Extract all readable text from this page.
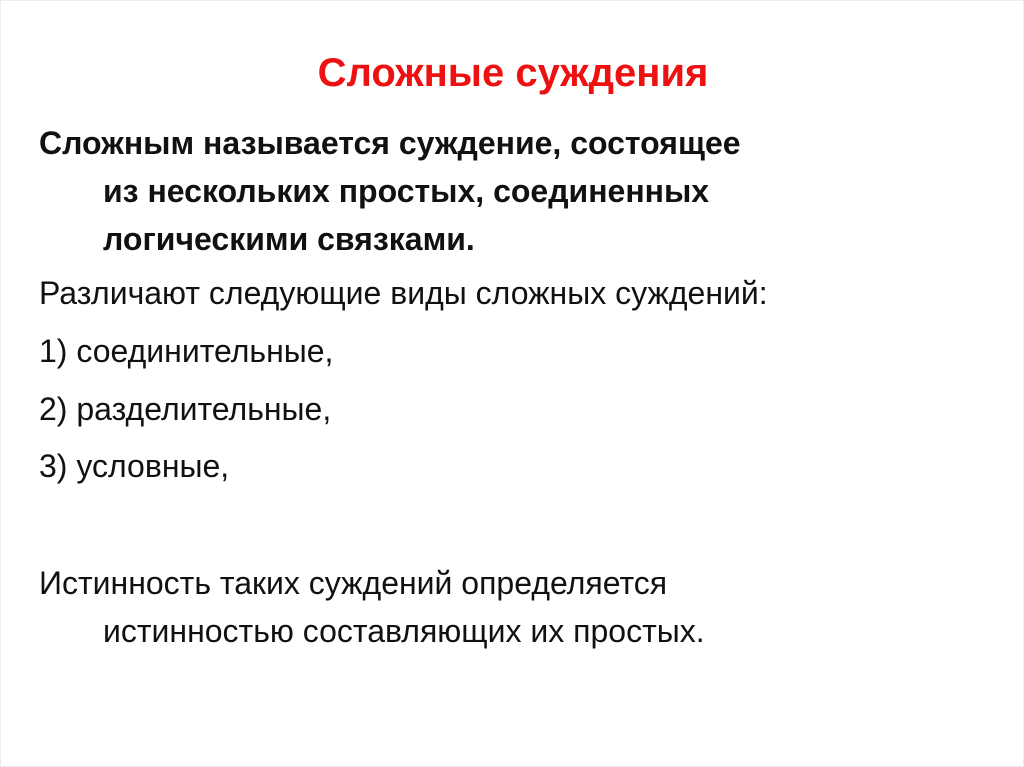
Сложные суждения
Сложным называется суждение, состоящее
из нескольких простых, соединенных
логическими связками.
Различают следующие виды сложных суждений:
1) соединительные,
2) разделительные,
3) условные,
Истинность таких суждений определяется
истинностью составляющих их простых.
